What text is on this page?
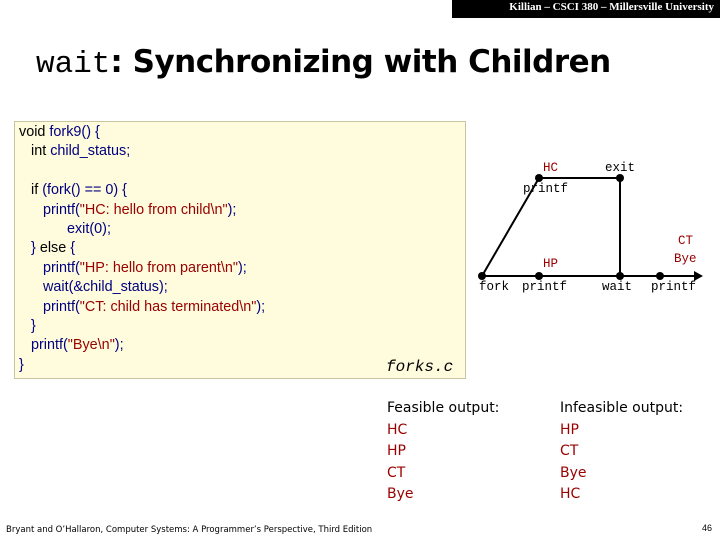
Killian – CSCI 380 – Millersville University
wait: Synchronizing with Children
void fork9() {
int child_status;

if (fork() == 0) {
printf("HC: hello from child\n");
exit(0);
} else {
printf("HP: hello from parent\n");
wait(&child_status);
printf("CT: child has terminated\n");
}
printf("Bye\n");
}	forks.c
HC	exit
printf
CT
Bye
HP
fork printf	wait printf
Feasible output:
HC
HP
CT
Bye
Infeasible output:
HP
CT
Bye
HC
Bryant and O’Hallaron, Computer Systems: A Programmer’s Perspective, Third Edition	46
